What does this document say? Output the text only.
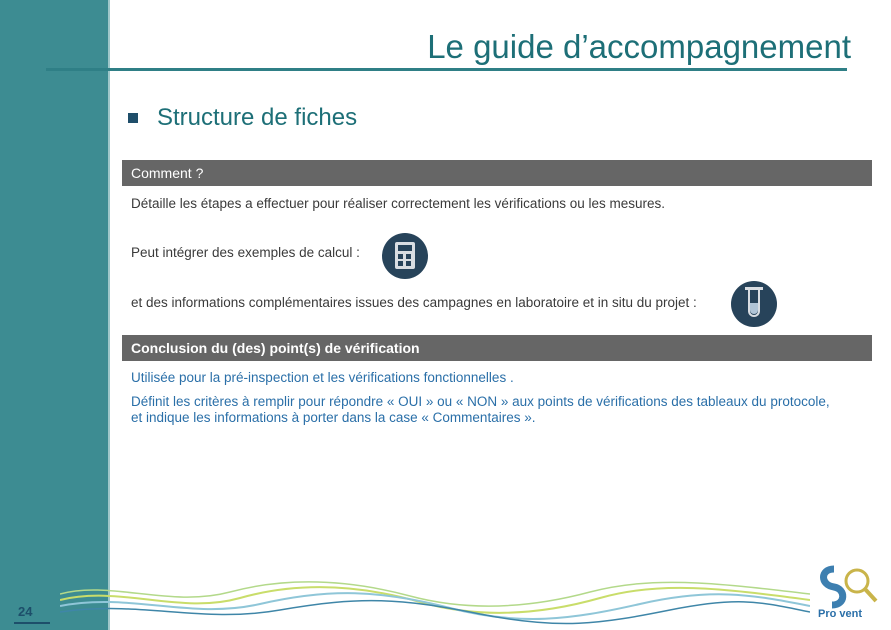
Le guide d’accompagnement
Structure de fiches
Comment ?
Détaille les étapes a effectuer pour réaliser correctement les vérifications ou les mesures.
Peut intégrer des exemples de calcul :
et des informations complémentaires issues des campagnes en laboratoire et in situ du projet :
Conclusion du (des) point(s) de vérification
Utilisée pour la pré-inspection et les vérifications fonctionnelles .
Définit les critères à remplir pour répondre « OUI » ou « NON » aux points de vérifications des tableaux du protocole,
et indique les informations à porter dans la case « Commentaires ».
Pro vent
24
